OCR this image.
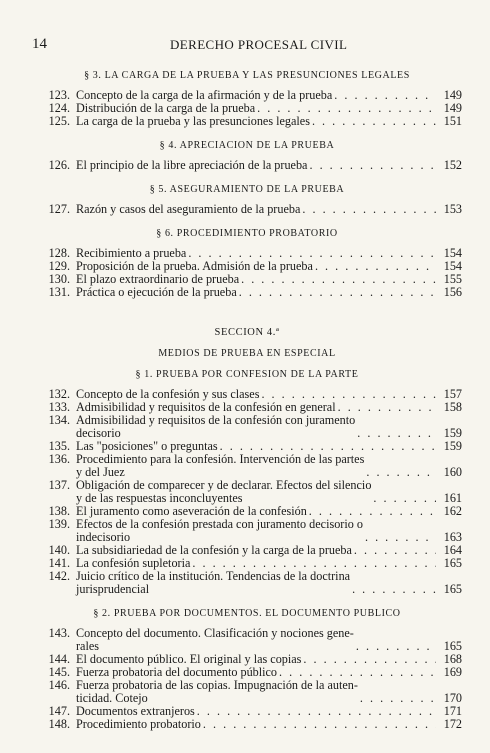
14	DERECHO PROCESAL CIVIL
§ 3. LA CARGA DE LA PRUEBA Y LAS PRESUNCIONES LEGALES
123. Concepto de la carga de la afirmación y de la prueba . . .	149
124. Distribución de la carga de la prueba . . .	149
125. La carga de la prueba y las presunciones legales . . .	151
§ 4. APRECIACION DE LA PRUEBA
126. El principio de la libre apreciación de la prueba . . .	152
§ 5. ASEGURAMIENTO DE LA PRUEBA
127. Razón y casos del aseguramiento de la prueba . . .	153
§ 6. PROCEDIMIENTO PROBATORIO
128. Recibimiento a prueba . . .	154
129. Proposición de la prueba. Admisión de la prueba . . .	154
130. El plazo extraordinario de prueba . . .	155
131. Práctica o ejecución de la prueba . . .	156
SECCION 4.ª
MEDIOS DE PRUEBA EN ESPECIAL
§ 1. PRUEBA POR CONFESION DE LA PARTE
132. Concepto de la confesión y sus clases . . .	157
133. Admisibilidad y requisitos de la confesión en general . . .	158
134. Admisibilidad y requisitos de la confesión con juramento
decisorio . . .	159
135. Las "posiciones" o preguntas . . .	159
136. Procedimiento para la confesión. Intervención de las partes
y del Juez . . .	160
137. Obligación de comparecer y de declarar. Efectos del silencio
y de las respuestas inconcluyentes . . .	161
138. El juramento como aseveración de la confesión . . .	162
139. Efectos de la confesión prestada con juramento decisorio o
indecisorio . . .	163
140. La subsidiariedad de la confesión y la carga de la prueba . . .	164
141. La confesión supletoria . . .	165
142. Juicio crítico de la institución. Tendencias de la doctrina
jurisprudencial . . .	165
§ 2. PRUEBA POR DOCUMENTOS. EL DOCUMENTO PUBLICO
143. Concepto del documento. Clasificación y nociones gene-
rales . . .	165
144. El documento público. El original y las copias . . .	168
145. Fuerza probatoria del documento público . . .	169
146. Fuerza probatoria de las copias. Impugnación de la auten-
ticidad. Cotejo . . .	170
147. Documentos extranjeros . . .	171
148. Procedimiento probatorio . . .	172
